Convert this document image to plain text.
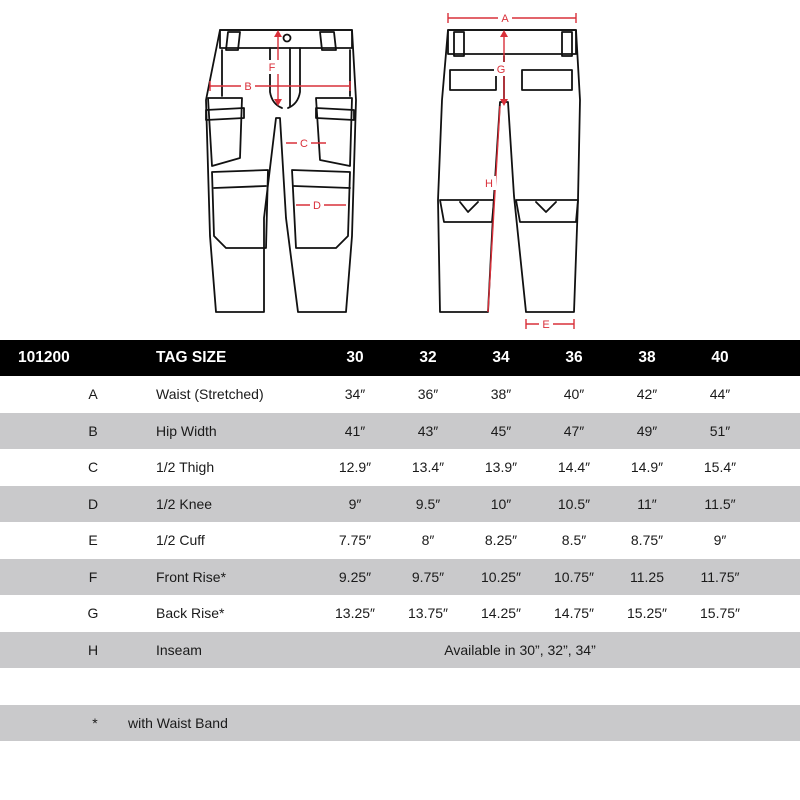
A
B
C
D
E
F	G
H
101200	TAG SIZE	30	32	34	36	38	40
A	Waist (Stretched)	34″	36″	38″	40″	42″	44″
B	Hip Width	41″	43″	45″	47″	49″	51″
C	1/2 Thigh	12.9″	13.4″	13.9″	14.4″	14.9″	15.4″
D	1/2 Knee	9″	9.5″	10″	10.5″	11″	11.5″
E	1/2 Cuff	7.75″	8″	8.25″	8.5″	8.75″	9″
F	Front Rise*	9.25″	9.75″	10.25″	10.75″	11.25	11.75″
G	Back Rise*	13.25″	13.75″	14.25″	14.75″	15.25″	15.75″
H	Inseam	Available in 30”, 32”, 34”
*	with Waist Band
